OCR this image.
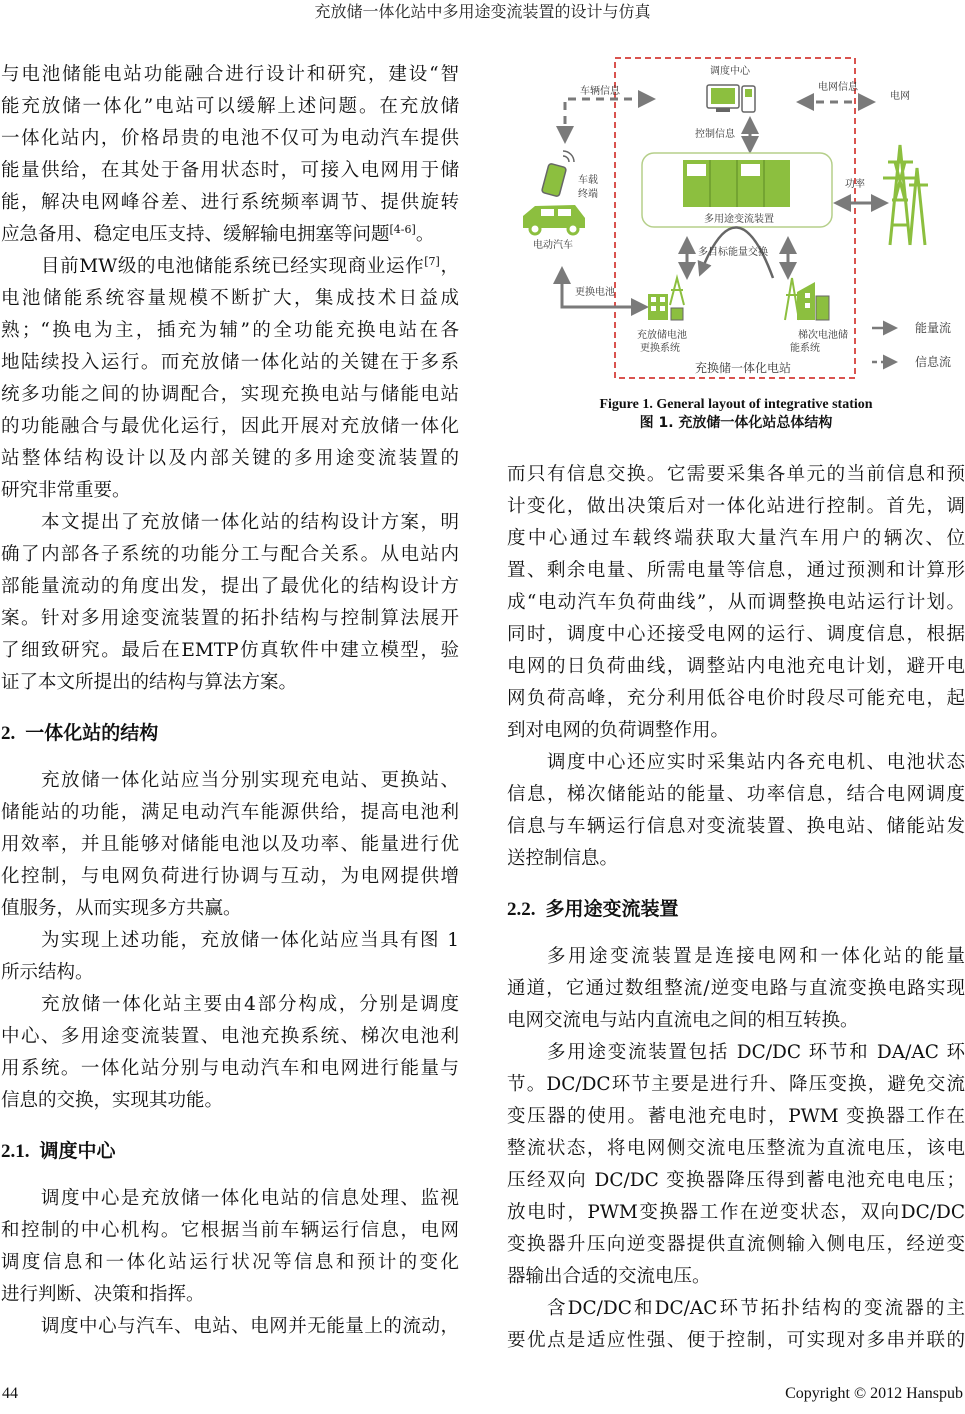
充放储一体化站中多用途变流装置的设计与仿真
与电池储能电站功能融合进行设计和研究，建设“智
能充放储一体化”电站可以缓解上述问题。在充放储
一体化站内，价格昂贵的电池不仅可为电动汽车提供
能量供给，在其处于备用状态时，可接入电网用于储
能，解决电网峰谷差、进行系统频率调节、提供旋转
应急备用、稳定电压支持、缓解输电拥塞等问题[4-6]。
目前MW级的电池储能系统已经实现商业运作[7]，
电池储能系统容量规模不断扩大，集成技术日益成
熟；“换电为主，插充为辅”的全功能充换电站在各
地陆续投入运行。而充放储一体化站的关键在于多系
统多功能之间的协调配合，实现充换电站与储能电站
的功能融合与最优化运行，因此开展对充放储一体化
站整体结构设计以及内部关键的多用途变流装置的
研究非常重要。
本文提出了充放储一体化站的结构设计方案，明
确了内部各子系统的功能分工与配合关系。从电站内
部能量流动的角度出发，提出了最优化的结构设计方
案。针对多用途变流装置的拓扑结构与控制算法展开
了细致研究。最后在EMTP仿真软件中建立模型，验
证了本文所提出的结构与算法方案。
2. 一体化站的结构
充放储一体化站应当分别实现充电站、更换站、
储能站的功能，满足电动汽车能源供给，提高电池利
用效率，并且能够对储能电池以及功率、能量进行优
化控制，与电网负荷进行协调与互动，为电网提供增
值服务，从而实现多方共赢。
为实现上述功能，充放储一体化站应当具有图 1
所示结构。
充放储一体化站主要由4部分构成，分别是调度
中心、多用途变流装置、电池充换系统、梯次电池利
用系统。一体化站分别与电动汽车和电网进行能量与
信息的交换，实现其功能。
2.1. 调度中心
调度中心是充放储一体化电站的信息处理、监视
和控制的中心机构。它根据当前车辆运行信息，电网
调度信息和一体化站运行状况等信息和预计的变化
进行判断、决策和指挥。
调度中心与汽车、电站、电网并无能量上的流动，
调度中心
车辆信息	电网信息
电网
控制信息
多用途变流装置
功率
车载
终端
电动汽车
多目标能量交换
更换电池
充放储电池
更换系统
梯次电池储
能系统
充换储一体化电站
能量流
信息流
Figure 1. General layout of integrative station
图 1. 充放储一体化站总体结构
而只有信息交换。它需要采集各单元的当前信息和预
计变化，做出决策后对一体化站进行控制。首先，调
度中心通过车载终端获取大量汽车用户的辆次、位
置、剩余电量、所需电量等信息，通过预测和计算形
成“电动汽车负荷曲线”，从而调整换电站运行计划。
同时，调度中心还接受电网的运行、调度信息，根据
电网的日负荷曲线，调整站内电池充电计划，避开电
网负荷高峰，充分利用低谷电价时段尽可能充电，起
到对电网的负荷调整作用。
调度中心还应实时采集站内各充电机、电池状态
信息，梯次储能站的能量、功率信息，结合电网调度
信息与车辆运行信息对变流装置、换电站、储能站发
送控制信息。
2.2. 多用途变流装置
多用途变流装置是连接电网和一体化站的能量
通道，它通过数组整流/逆变电路与直流变换电路实现
电网交流电与站内直流电之间的相互转换。
多用途变流装置包括 DC/DC 环节和 DA/AC 环
节。DC/DC环节主要是进行升、降压变换，避免交流
变压器的使用。蓄电池充电时，PWM 变换器工作在
整流状态，将电网侧交流电压整流为直流电压，该电
压经双向 DC/DC 变换器降压得到蓄电池充电电压；
放电时，PWM变换器工作在逆变状态，双向DC/DC
变换器升压向逆变器提供直流侧输入侧电压，经逆变
器输出合适的交流电压。
含DC/DC和DC/AC环节拓扑结构的变流器的主
要优点是适应性强、便于控制，可实现对多串并联的
44	Copyright © 2012 Hanspub
